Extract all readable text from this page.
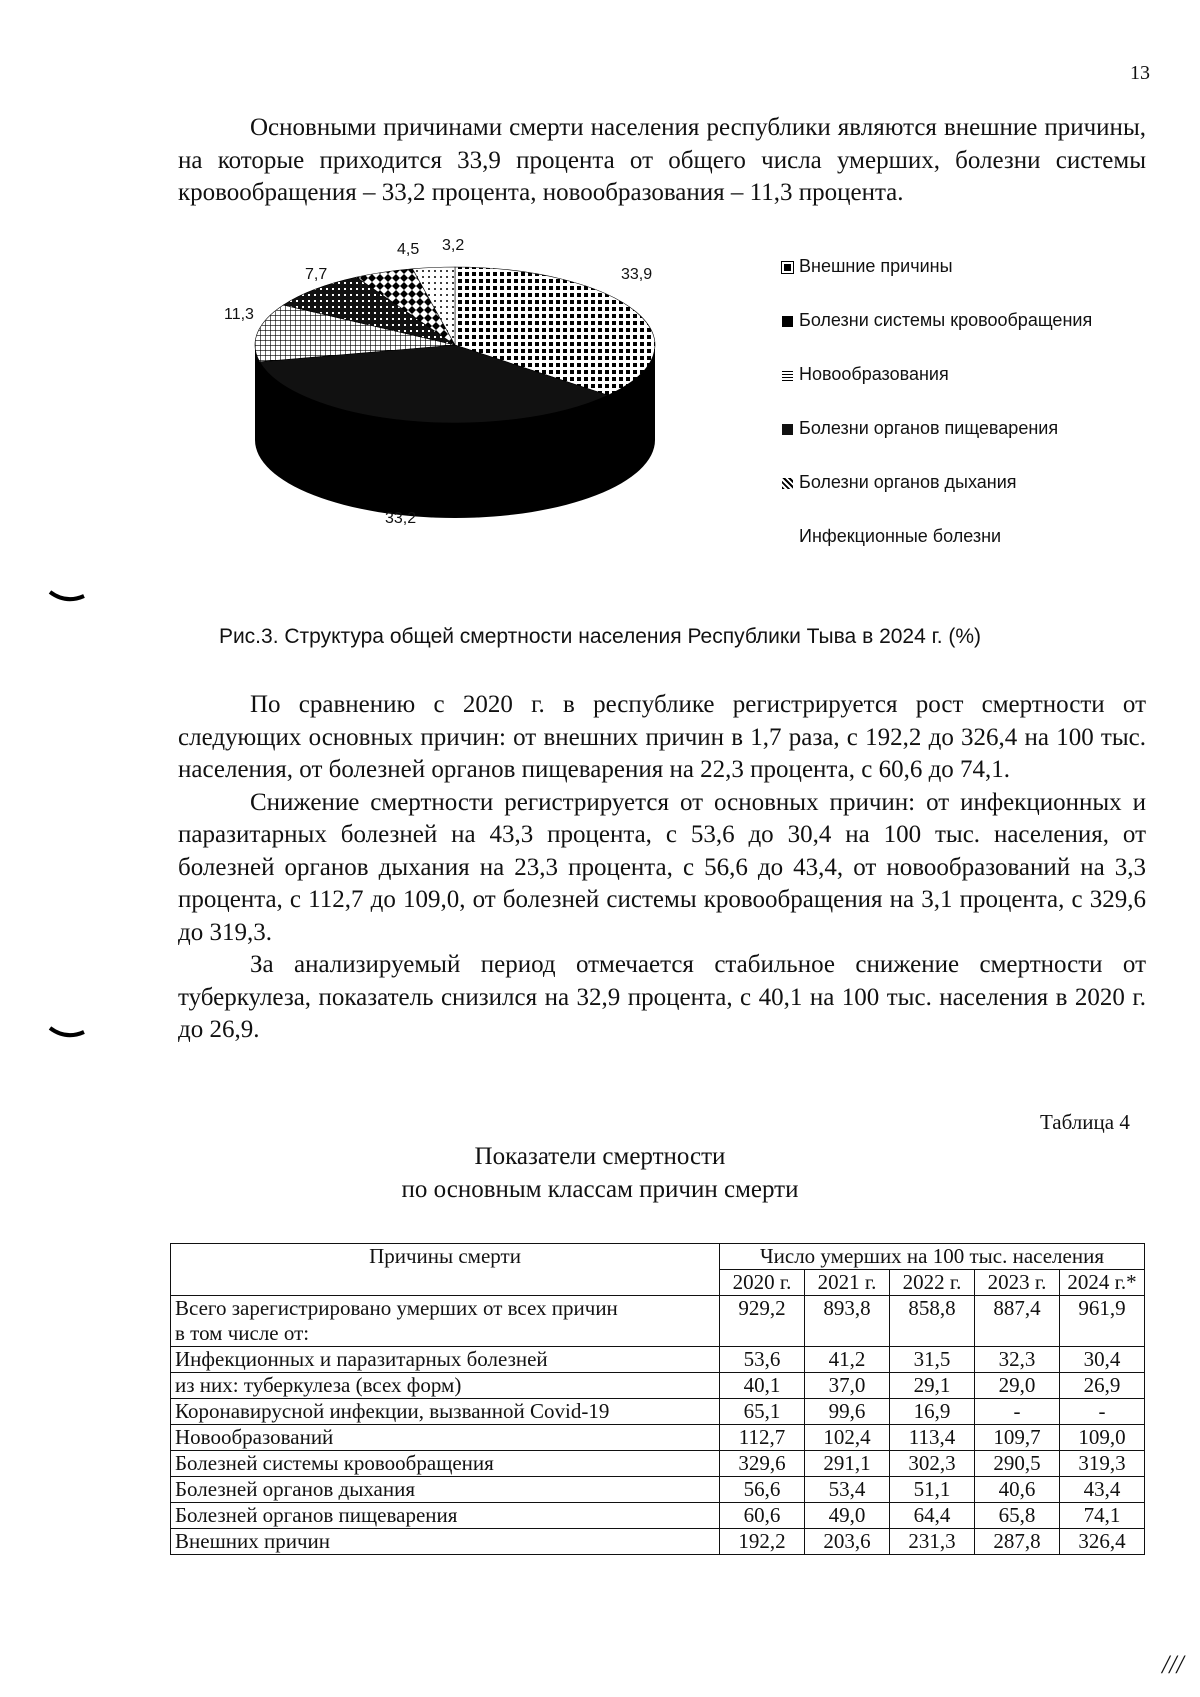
13

Основными причинами смерти населения республики являются внешние причины, на которые приходится 33,9 процента от общего числа умерших, болезни системы кровообращения – 33,2 процента, новообразования – 11,3 процента.

33,9
33,2
11,3
7,7
4,5 3,2
Внешние причины
Болезни системы кровообращения
Новообразования
Болезни органов пищеварения
Болезни органов дыхания
Инфекционные болезни
Рис.3. Структура общей смертности населения Республики Тыва в 2024 г. (%)

По сравнению с 2020 г. в республике регистрируется рост смертности от следующих основных причин: от внешних причин в 1,7 раза, с 192,2 до 326,4 на 100 тыс. населения, от болезней органов пищеварения на 22,3 процента, с 60,6 до 74,1.

Снижение смертности регистрируется от основных причин: от инфекционных и паразитарных болезней на 43,3 процента, с 53,6 до 30,4 на 100 тыс. населения, от болезней органов дыхания на 23,3 процента, с 56,6 до 43,4, от новообразований на 3,3 процента, с 112,7 до 109,0, от болезней системы кровообращения на 3,1 процента, с 329,6 до 319,3.

За анализируемый период отмечается стабильное снижение смертности от туберкулеза, показатель снизился на 32,9 процента, с 40,1 на 100 тыс. населения в 2020 г. до 26,9.

Таблица 4
Показатели смертности
по основным классам причин смерти
Причины смерти	Число умерших на 100 тыс. населения				
	2020 г.	2021 г.	2022 г.	2023 г.	2024 г.*

Всего зарегистрировано умерших от всех причин
в том числе от:	929,2	893,8	858,8	887,4	961,9
Инфекционных и паразитарных болезней	53,6	41,2	31,5	32,3	30,4
из них: туберкулеза (всех форм)	40,1	37,0	29,1	29,0	26,9
Коронавирусной инфекции, вызванной Covid-19	65,1	99,6	16,9	-	-
Новообразований	112,7	102,4	113,4	109,7	109,0
Болезней системы кровообращения	329,6	291,1	302,3	290,5	319,3
Болезней органов дыхания	56,6	53,4	51,1	40,6	43,4
Болезней органов пищеварения	60,6	49,0	64,4	65,8	74,1
Внешних причин	192,2	203,6	231,3	287,8	326,4
///
